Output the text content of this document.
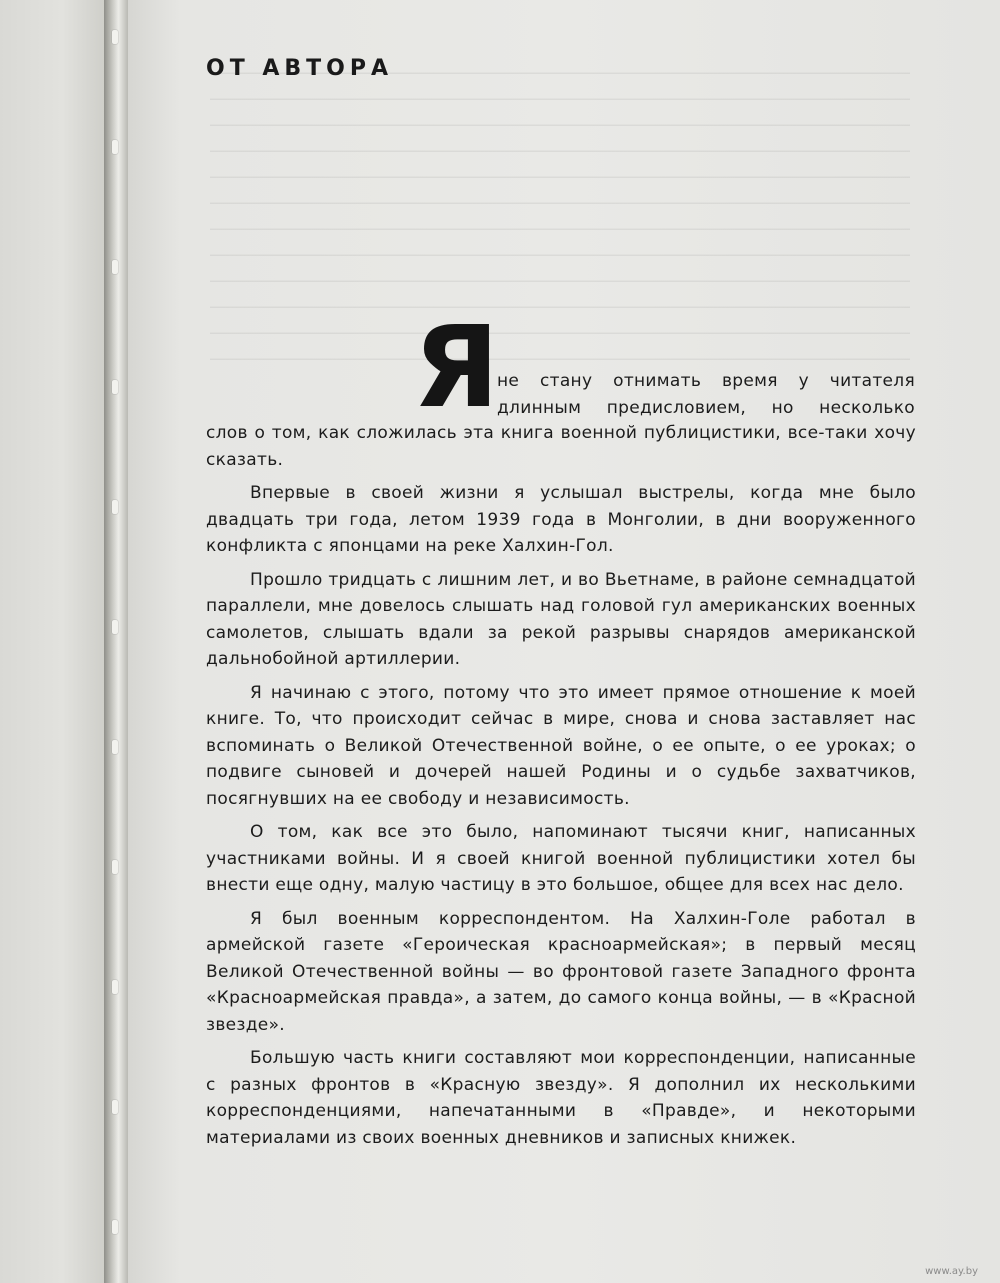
ОТ АВТОРА
Я
не стану отнимать время у читателя
длинным предисловием, но несколько

слов о том, как сложилась эта книга военной публицистики, все-таки хочу сказать.

Впервые в своей жизни я услышал выстрелы, когда мне было двадцать три года, летом 1939 года в Монголии, в дни вооруженного конфликта с японцами на реке Халхин-Гол.

Прошло тридцать с лишним лет, и во Вьетнаме, в районе семнадцатой параллели, мне довелось слышать над головой гул американских военных самолетов, слышать вдали за рекой разрывы снарядов американской дальнобойной артиллерии.

Я начинаю с этого, потому что это имеет прямое отношение к моей книге. То, что происходит сейчас в мире, снова и снова заставляет нас вспоминать о Великой Отечественной войне, о ее опыте, о ее уроках; о подвиге сыновей и дочерей нашей Родины и о судьбе захватчиков, посягнувших на ее свободу и независимость.

О том, как все это было, напоминают тысячи книг, написанных участниками войны. И я своей книгой военной публицистики хотел бы внести еще одну, малую частицу в это большое, общее для всех нас дело.

Я был военным корреспондентом. На Халхин-Голе работал в армейской газете «Героическая красноармейская»; в первый месяц Великой Отечественной войны — во фронтовой газете Западного фронта «Красноармейская правда», а затем, до самого конца войны, — в «Красной звезде».

Большую часть книги составляют мои корреспонденции, написанные с разных фронтов в «Красную звезду». Я дополнил их несколькими корреспонденциями, напечатанными в «Правде», и некоторыми материалами из своих военных дневников и записных книжек.

www.ay.by
